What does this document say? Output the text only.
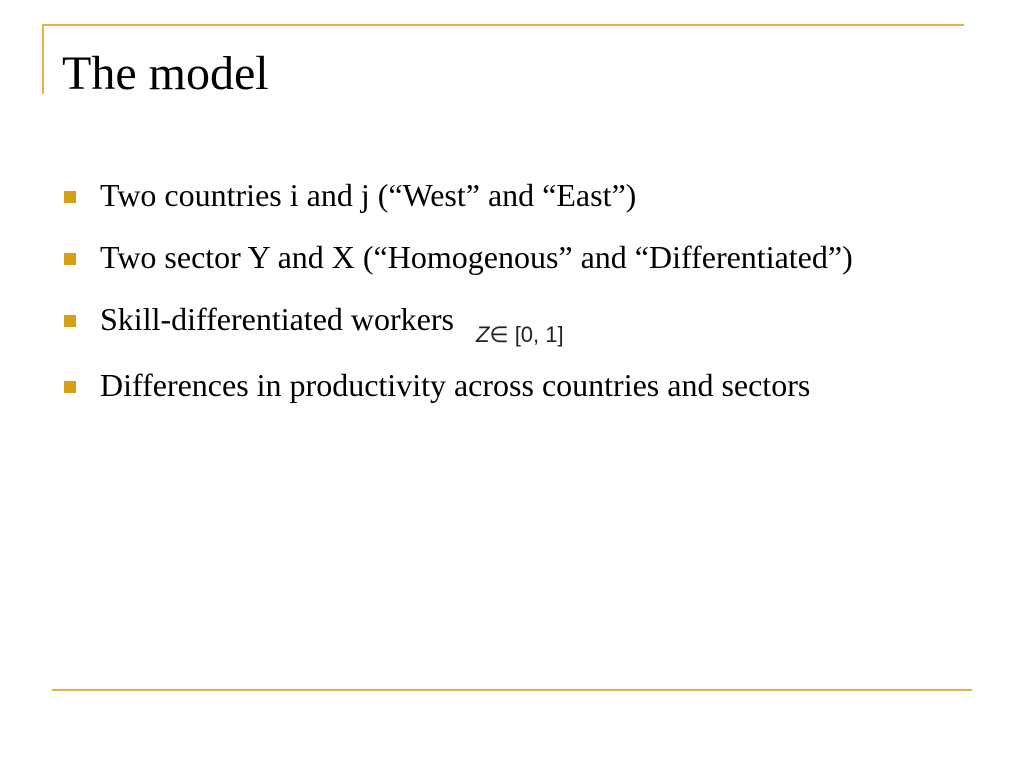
The model
Two countries i and j (“West” and “East”)
Two sector Y and X (“Homogenous” and “Differentiated”)
Skill-differentiated workers Z∈ [0, 1]
Differences in productivity across countries and sectors
